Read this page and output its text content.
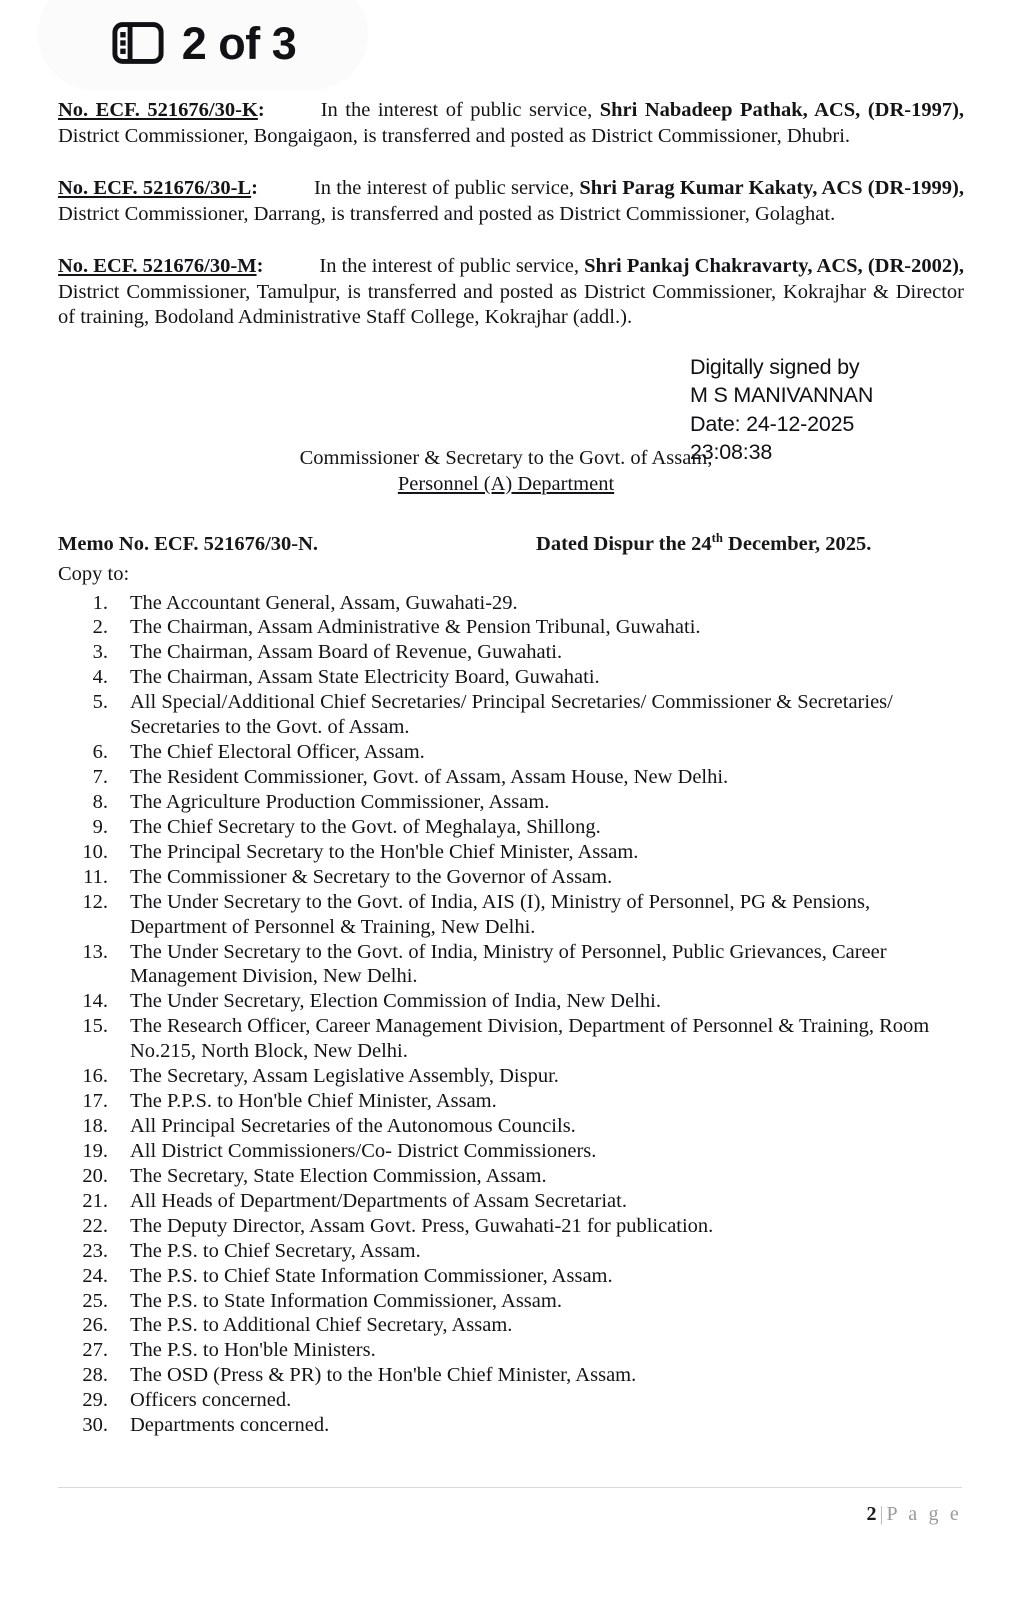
No. ECF. 521676/30-K:	In the interest of public service, Shri Nabadeep Pathak, ACS, (DR-1997), District Commissioner, Bongaigaon, is transferred and posted as District Commissioner, Dhubri.

No. ECF. 521676/30-L:	In the interest of public service, Shri Parag Kumar Kakaty, ACS (DR-1999), District Commissioner, Darrang, is transferred and posted as District Commissioner, Golaghat.

No. ECF. 521676/30-M:	In the interest of public service, Shri Pankaj Chakravarty, ACS, (DR-2002), District Commissioner, Tamulpur, is transferred and posted as District Commissioner, Kokrajhar & Director of training, Bodoland Administrative Staff College, Kokrajhar (addl.).

Digitally signed by
M S MANIVANNAN
Date: 24-12-2025
23:08:38
Commissioner & Secretary to the Govt. of Assam,
Personnel (A) Department
Memo No. ECF. 521676/30-N.	Dated Dispur the 24th December, 2025.
Copy to:
1. The Accountant General, Assam, Guwahati-29.
2. The Chairman, Assam Administrative & Pension Tribunal, Guwahati.
3. The Chairman, Assam Board of Revenue, Guwahati.
4. The Chairman, Assam State Electricity Board, Guwahati.
5. All Special/Additional Chief Secretaries/ Principal Secretaries/ Commissioner & Secretaries/ Secretaries to the Govt. of Assam.
6. The Chief Electoral Officer, Assam.
7. The Resident Commissioner, Govt. of Assam, Assam House, New Delhi.
8. The Agriculture Production Commissioner, Assam.
9. The Chief Secretary to the Govt. of Meghalaya, Shillong.
10. The Principal Secretary to the Hon'ble Chief Minister, Assam.
11. The Commissioner & Secretary to the Governor of Assam.
12. The Under Secretary to the Govt. of India, AIS (I), Ministry of Personnel, PG & Pensions, Department of Personnel & Training, New Delhi.
13. The Under Secretary to the Govt. of India, Ministry of Personnel, Public Grievances, Career Management Division, New Delhi.
14. The Under Secretary, Election Commission of India, New Delhi.
15. The Research Officer, Career Management Division, Department of Personnel & Training, Room No.215, North Block, New Delhi.
16. The Secretary, Assam Legislative Assembly, Dispur.
17. The P.P.S. to Hon'ble Chief Minister, Assam.
18. All Principal Secretaries of the Autonomous Councils.
19. All District Commissioners/Co- District Commissioners.
20. The Secretary, State Election Commission, Assam.
21. All Heads of Department/Departments of Assam Secretariat.
22. The Deputy Director, Assam Govt. Press, Guwahati-21 for publication.
23. The P.S. to Chief Secretary, Assam.
24. The P.S. to Chief State Information Commissioner, Assam.
25. The P.S. to State Information Commissioner, Assam.
26. The P.S. to Additional Chief Secretary, Assam.
27. The P.S. to Hon'ble Ministers.
28. The OSD (Press & PR) to the Hon'ble Chief Minister, Assam.
29. Officers concerned.
30. Departments concerned.
2 | P a g e
2 of 3
